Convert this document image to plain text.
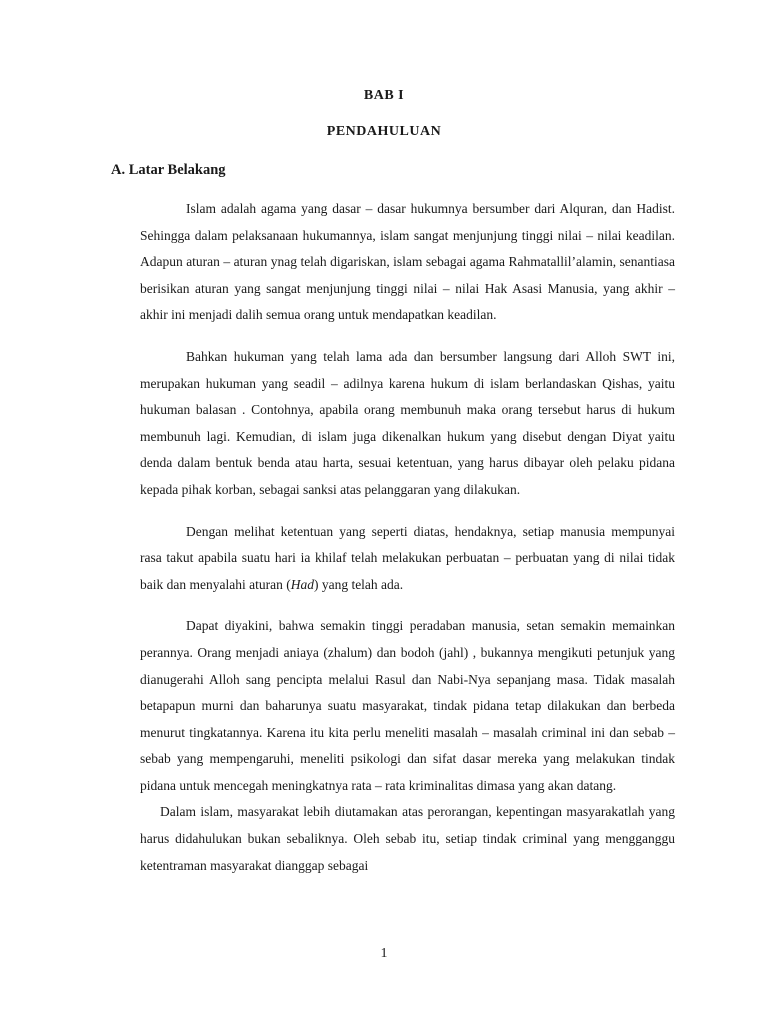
BAB I
PENDAHULUAN
A. Latar Belakang

Islam adalah agama yang dasar – dasar hukumnya bersumber dari Alquran, dan Hadist. Sehingga dalam pelaksanaan hukumannya, islam sangat menjunjung tinggi nilai – nilai keadilan. Adapun aturan – aturan ynag telah digariskan, islam sebagai agama Rahmatallil’alamin, senantiasa berisikan aturan yang sangat menjunjung tinggi nilai – nilai Hak Asasi Manusia, yang akhir – akhir ini menjadi dalih semua orang untuk mendapatkan keadilan.

Bahkan hukuman yang telah lama ada dan bersumber langsung dari Alloh SWT ini, merupakan hukuman yang seadil – adilnya karena hukum di islam berlandaskan Qishas, yaitu hukuman balasan . Contohnya, apabila orang membunuh maka orang tersebut harus di hukum membunuh lagi. Kemudian, di islam juga dikenalkan hukum yang disebut dengan Diyat yaitu denda dalam bentuk benda atau harta, sesuai ketentuan, yang harus dibayar oleh pelaku pidana kepada pihak korban, sebagai sanksi atas pelanggaran yang dilakukan.

Dengan melihat ketentuan yang seperti diatas, hendaknya, setiap manusia mempunyai rasa takut apabila suatu hari ia khilaf telah melakukan perbuatan – perbuatan yang di nilai tidak baik dan menyalahi aturan (Had) yang telah ada.

Dapat diyakini, bahwa semakin tinggi peradaban manusia, setan semakin memainkan perannya. Orang menjadi aniaya (zhalum) dan bodoh (jahl) , bukannya mengikuti petunjuk yang dianugerahi Alloh sang pencipta melalui Rasul dan Nabi-Nya sepanjang masa. Tidak masalah betapapun murni dan baharunya suatu masyarakat, tindak pidana tetap dilakukan dan berbeda menurut tingkatannya. Karena itu kita perlu meneliti masalah – masalah criminal ini dan sebab – sebab yang mempengaruhi, meneliti psikologi dan sifat dasar mereka yang melakukan tindak pidana untuk mencegah meningkatnya rata – rata kriminalitas dimasa yang akan datang.

Dalam islam, masyarakat lebih diutamakan atas perorangan, kepentingan masyarakatlah yang harus didahulukan bukan sebaliknya. Oleh sebab itu, setiap tindak criminal yang mengganggu ketentraman masyarakat dianggap sebagai

1
